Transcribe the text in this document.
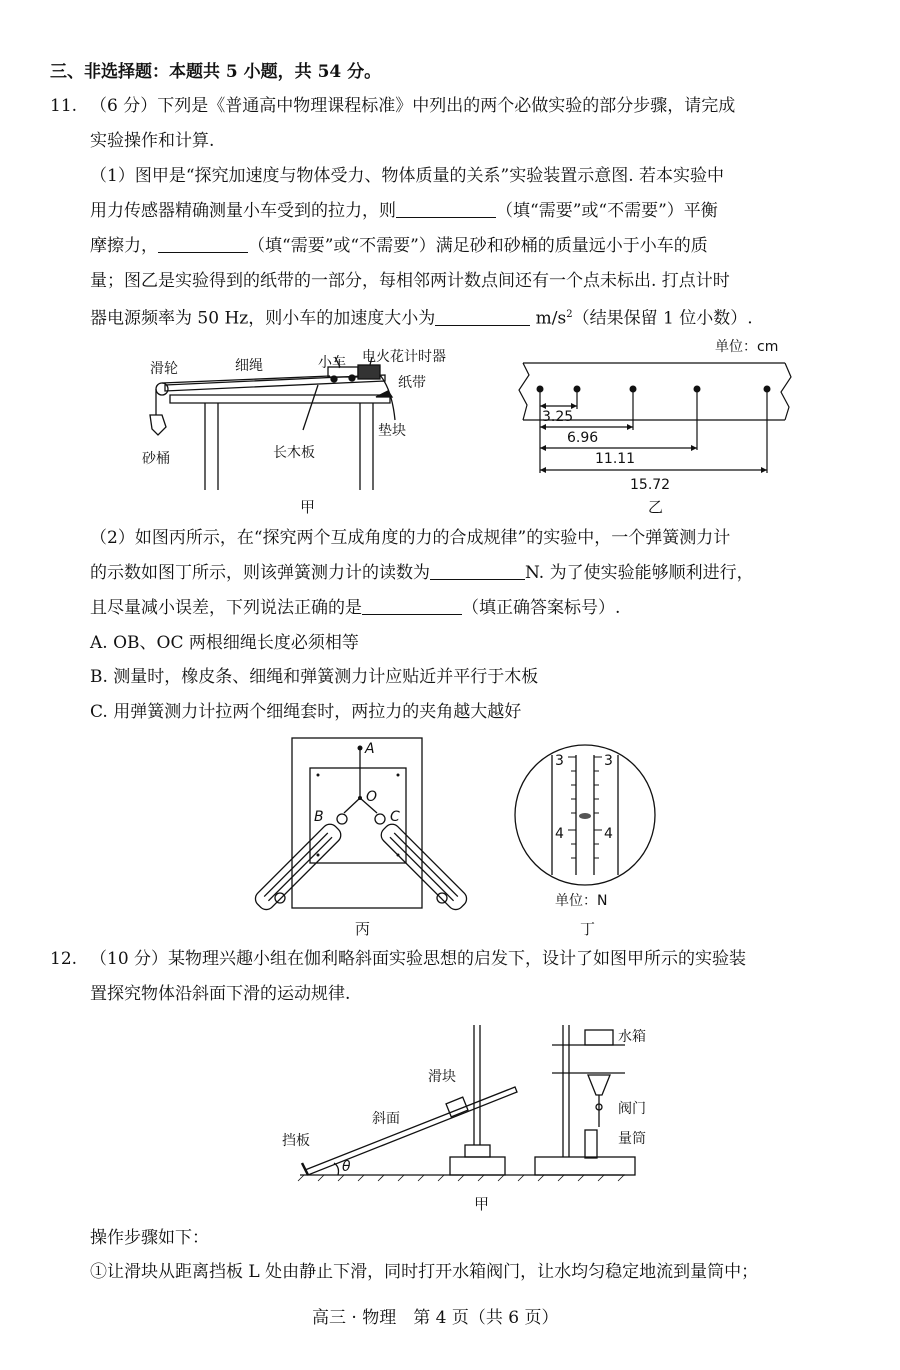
三、非选择题：本题共 5 小题，共 54 分。
11. （6 分）下列是《普通高中物理课程标准》中列出的两个必做实验的部分步骤，请完成
实验操作和计算.
（1）图甲是“探究加速度与物体受力、物体质量的关系”实验装置示意图. 若本实验中
用力传感器精确测量小车受到的拉力，则	（填“需要”或“不需要”）平衡
摩擦力，	（填“需要”或“不需要”）满足砂和砂桶的质量远小于小车的质
量；图乙是实验得到的纸带的一部分，每相邻两计数点间还有一个点未标出. 打点计时
器电源频率为 50 Hz，则小车的加速度大小为	$m/s^2$（结果保留 1 位小数）.
滑轮	细绳	小车 电火花计时器
纸带
垫块
砂桶	长木板
甲
单位：cm
3.25
6.96
11.11
15.72
乙
（2）如图丙所示，在“探究两个互成角度的力的合成规律”的实验中，一个弹簧测力计
的示数如图丁所示，则该弹簧测力计的读数为	N. 为了使实验能够顺利进行，
且尽量减小误差，下列说法正确的是	（填正确答案标号）.
A. OB、OC 两根细绳长度必须相等
B. 测量时，橡皮条、细绳和弹簧测力计应贴近并平行于木板
C. 用弹簧测力计拉两个细绳套时，两拉力的夹角越大越好
A
O
B	C
丙
3	3
4	4
单位：N
丁
12. （10 分）某物理兴趣小组在伽利略斜面实验思想的启发下，设计了如图甲所示的实验装
置探究物体沿斜面下滑的运动规律.
滑块
斜面
挡板
θ
水箱
阀门
量筒
甲
操作步骤如下：
①让滑块从距离挡板 L 处由静止下滑，同时打开水箱阀门，让水均匀稳定地流到量筒中；
高三 · 物理　第 4 页（共 6 页）
